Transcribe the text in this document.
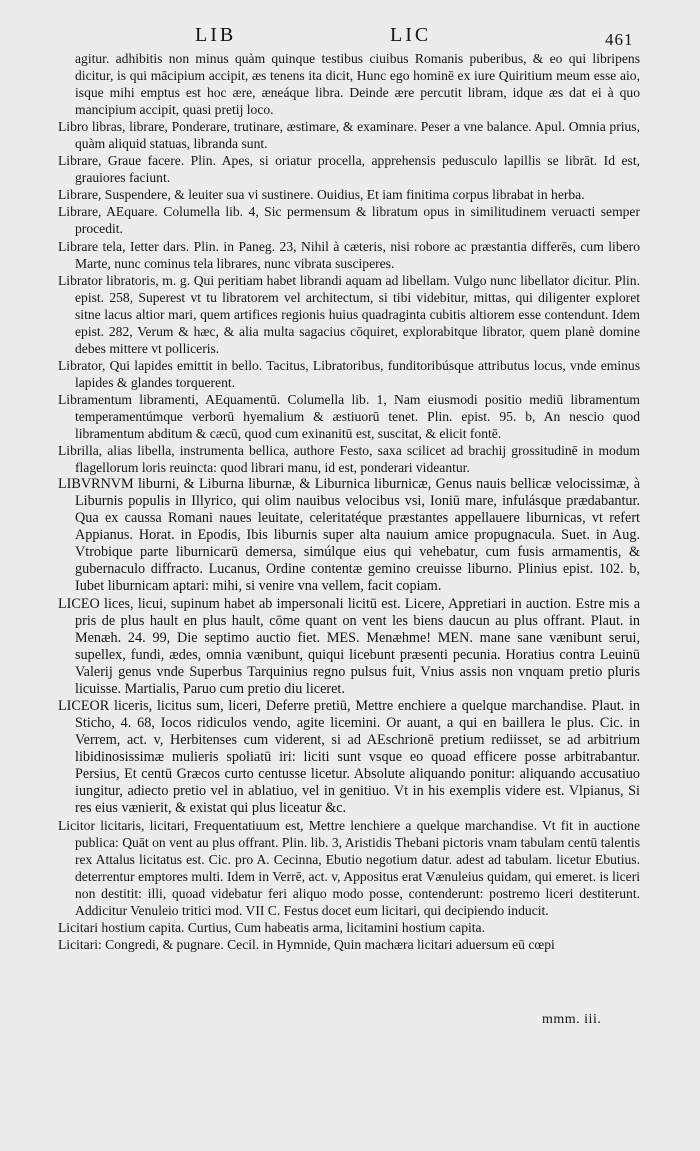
LIB	LIC	461

agitur. adhibitis non minus quàm quinque testibus ciuibus Romanis puberibus, & eo qui libripens dicitur, is qui mācipium accipit, æs tenens ita dicit, Hunc ego hominē ex iure Quiritium meum esse aio, isque mihi emptus est hoc ære, æneáque libra. Deinde ære percutit libram, idque æs dat ei à quo mancipium accipit, quasi pretij loco.

Libro libras, librare, Ponderare, trutinare, æstimare, & examinare. Peser a vne balance. Apul. Omnia prius, quàm aliquid statuas, libranda sunt.

Librare, Graue facere. Plin. Apes, si oriatur procella, apprehensis pedusculo lapillis se librāt. Id est, grauiores faciunt.

Librare, Suspendere, & leuiter sua vi sustinere. Ouidius, Et iam finitima corpus librabat in herba.

Librare, AEquare. Columella lib. 4, Sic permensum & libratum opus in similitudinem veruacti semper procedit.

Librare tela, Ietter dars. Plin. in Paneg. 23, Nihil à cæteris, nisi robore ac præstantia differēs, cum libero Marte, nunc cominus tela librares, nunc vibrata susciperes.

Librator libratoris, m. g. Qui peritiam habet librandi aquam ad libellam. Vulgo nunc libellator dicitur. Plin. epist. 258, Superest vt tu libratorem vel architectum, si tibi videbitur, mittas, qui diligenter exploret sitne lacus altior mari, quem artifices regionis huius quadraginta cubitis altiorem esse contendunt. Idem epist. 282, Verum & hæc, & alia multa sagacius cōquiret, explorabitque librator, quem planè domine debes mittere vt polliceris.

Librator, Qui lapides emittit in bello. Tacitus, Libratoribus, funditoribúsque attributus locus, vnde eminus lapides & glandes torquerent.

Libramentum libramenti, AEquamentū. Columella lib. 1, Nam eiusmodi positio mediū libramentum temperamentúmque verborū hyemalium & æstiuorū tenet. Plin. epist. 95. b, An nescio quod libramentum abditum & cæcū, quod cum exinanitū est, suscitat, & elicit fontē.

Librilla, alias libella, instrumenta bellica, authore Festo, saxa scilicet ad brachij grossitudinē in modum flagellorum loris reuincta: quod librari manu, id est, ponderari videantur.

LIBVRNVM liburni, & Liburna liburnæ, & Liburnica liburnicæ, Genus nauis bellicæ velocissimæ, à Liburnis populis in Illyrico, qui olim nauibus velocibus vsi, Ioniū mare, infulásque prædabantur. Qua ex caussa Romani naues leuitate, celeritatéque præstantes appellauere liburnicas, vt refert Appianus. Horat. in Epodis, Ibis liburnis super alta nauium amice propugnacula. Suet. in Aug. Vtrobique parte liburnicarū demersa, simúlque eius qui vehebatur, cum fusis armamentis, & gubernaculo diffracto. Lucanus, Ordine contentæ gemino creuisse liburno. Plinius epist. 102. b, Iubet liburnicam aptari: mihi, si venire vna vellem, facit copiam.

LICEO lices, licui, supinum habet ab impersonali licitū est. Licere, Appretiari in auction. Estre mis a pris de plus hault en plus hault, cōme quant on vent les biens daucun au plus offrant. Plaut. in Menæh. 24. 99, Die septimo auctio fiet. MES. Menæhme! MEN. mane sane vænibunt serui, supellex, fundi, ædes, omnia vænibunt, quiqui licebunt præsenti pecunia. Horatius contra Leuinū Valerij genus vnde Superbus Tarquinius regno pulsus fuit, Vnius assis non vnquam pretio pluris licuisse. Martialis, Paruo cum pretio diu liceret.

LICEOR liceris, licitus sum, liceri, Deferre pretiū, Mettre enchiere a quelque marchandise. Plaut. in Sticho, 4. 68, Iocos ridiculos vendo, agite licemini. Or auant, a qui en baillera le plus. Cic. in Verrem, act. v, Herbitenses cum viderent, si ad AEschrionē pretium rediisset, se ad arbitrium libidinosissimæ mulieris spoliatū iri: liciti sunt vsque eo quoad efficere posse arbitrabantur. Persius, Et centū Græcos curto centusse licetur. Absolute aliquando ponitur: aliquando accusatiuo iungitur, adiecto pretio vel in ablatiuo, vel in genitiuo. Vt in his exemplis videre est. Vlpianus, Si res eius vænierit, & existat qui plus liceatur &c.

Licitor licitaris, licitari, Frequentatiuum est, Mettre lenchiere a quelque marchandise. Vt fit in auctione publica: Quāt on vent au plus offrant. Plin. lib. 3, Aristidis Thebani pictoris vnam tabulam centū talentis rex Attalus licitatus est. Cic. pro A. Cecinna, Ebutio negotium datur. adest ad tabulam. licetur Ebutius. deterrentur emptores multi. Idem in Verrē, act. v, Appositus erat Vænuleius quidam, qui emeret. is liceri non destitit: illi, quoad videbatur feri aliquo modo posse, contenderunt: postremo liceri destiterunt. Addicitur Venuleio tritici mod. VII C. Festus docet eum licitari, qui decipiendo inducit.

Licitari hostium capita. Curtius, Cum habeatis arma, licitamini hostium capita.

Licitari: Congredi, & pugnare. Cecil. in Hymnide, Quin machæra licitari aduersum eū cœpi

mmm. iii.
